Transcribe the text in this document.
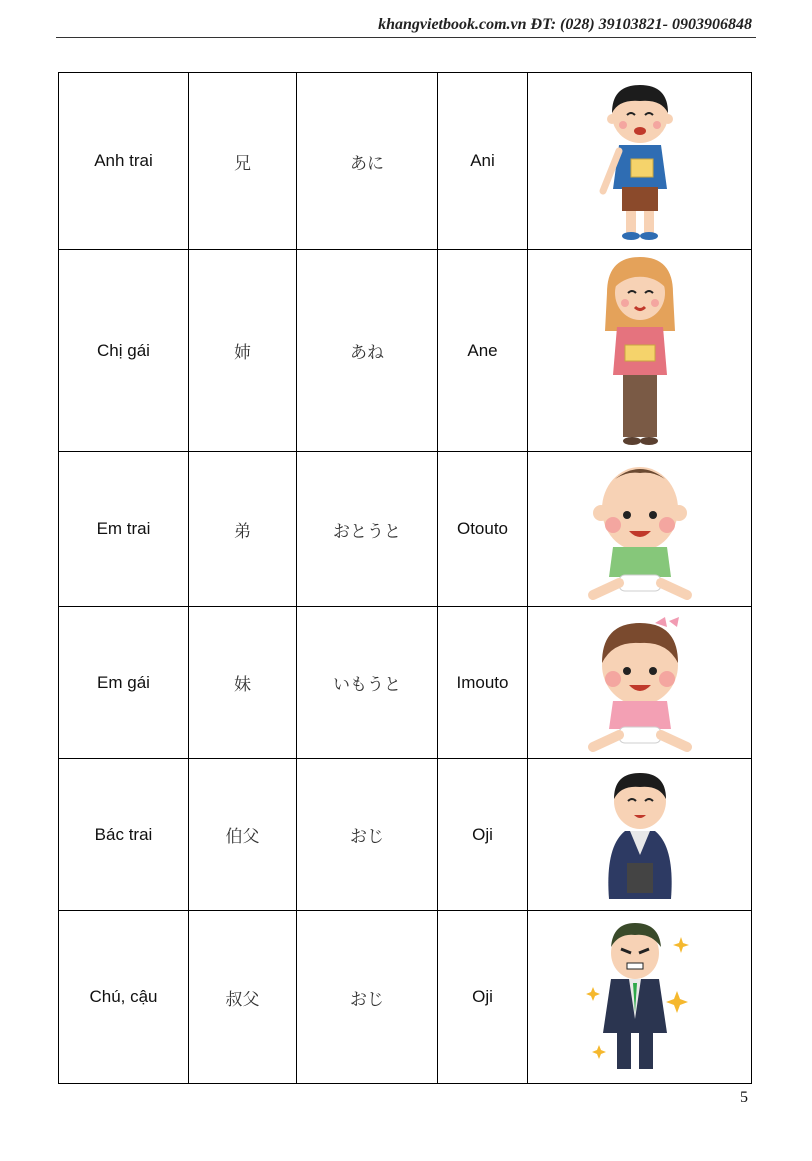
khangvietbook.com.vn ĐT: (028) 39103821- 0903906848
Anh trai	兄	あに	Ani	

Chị gái	姉	あね	Ane	

Em trai	弟	おとうと	Otouto	

Em gái	妹	いもうと	Imouto	

Bác trai	伯父	おじ	Oji	

Chú, cậu	叔父	おじ	Oji	
5
